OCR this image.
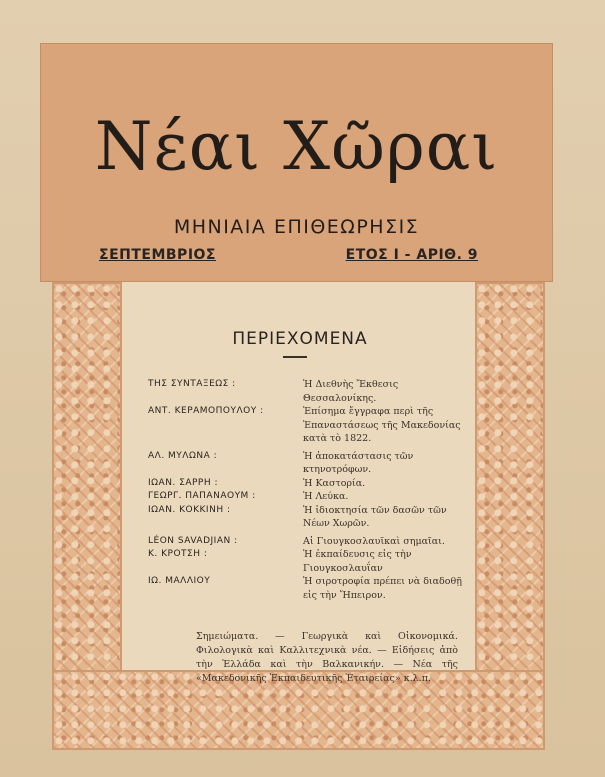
Νέαι Χῶραι
ΜΗΝΙΑΙΑ ΕΠΙΘΕΩΡΗΣΙΣ
ΣΕΠΤΕΜΒΡΙΟΣ	ΕΤΟΣ Ι - ΑΡΙΘ. 9
ΠΕΡΙΕΧΟΜΕΝΑ
ΤΗΣ ΣΥΝΤΑΞΕΩΣ :	Ἡ Διεθνὴς Ἔκθεσις Θεσσαλονίκης.
ΑΝΤ. ΚΕΡΑΜΟΠΟΥΛΟΥ :	Ἐπίσημα ἔγγραφα περὶ τῆς Ἐπαναστάσεως τῆς Μακεδονίας κατὰ τὸ 1822.
ΑΛ. ΜΥΛΩΝΑ :	Ἡ ἀποκατάστασις τῶν κτηνοτρόφων.
ΙΩΑΝ. ΣΑΡΡΗ :	Ἡ Καστορία.
ΓΕΩΡΓ. ΠΑΠΑΝΑΟΥΜ :	Ἡ Λεύκα.
ΙΩΑΝ. ΚΟΚΚΙΝΗ :	Ἡ ἰδιοκτησία τῶν δασῶν τῶν Νέων Χωρῶν.
LÉON SAVADJIAN :	Αἱ Γιουγκοσλαυϊκαὶ σημαῖαι.
Κ. ΚΡΟΤΣΗ :	Ἡ ἐκπαίδευσις εἰς τὴν Γιουγκοσλαυΐαν
ΙΩ. ΜΑΛΛΙΟΥ	Ἡ σιρoτροφία πρέπει νὰ διαδοθῇ εἰς τὴν Ἤπειρον.
Σημειώματα. — Γεωργικὰ καὶ Οἰκονομικά. Φιλολογικὰ καὶ Καλλιτεχνικὰ νέα. — Εἰδήσεις ἀπὸ τὴν Ἑλλάδα καὶ τὴν Βαλκανικήν. — Νέα τῆς «Μακεδονικῆς Ἐκπαιδευτικῆς Ἑταιρείας» κ.λ.π.
